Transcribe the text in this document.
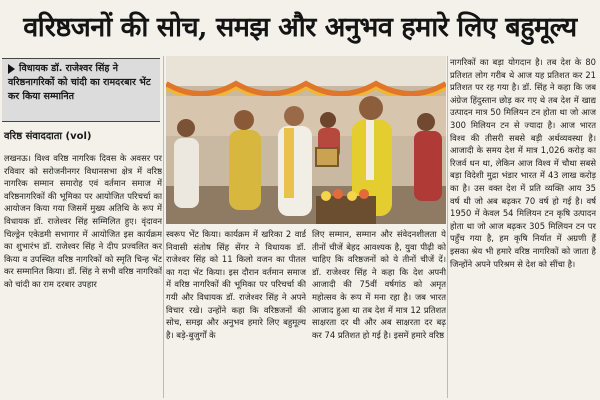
वरिष्ठजनों की सोच, समझ और अनुभव हमारे लिए बहुमूल्य
विधायक डॉ. राजेश्वर सिंह ने वरिष्ठनागरिकों को चांदी का रामदरबार भेंट कर किया सम्मानित
वरिष्ठ संवाददाता (vol)
लखनऊ। विश्व वरिष्ठ नागरिक दिवस के अवसर पर रविवार को सरोजनीनगर विधानसभा क्षेत्र में वरिष्ठ नागरिक सम्मान समारोह एवं वर्तमान समाज में वरिष्ठनागरिकों की भूमिका पर आयोजित परिचर्चा का आयोजन किया गया जिसमें मुख्य अतिथि के रूप में विधायक डॉ. राजेश्वर सिंह सम्मिलित हुए। वृंदावन चिल्ड्रेन एकेडमी सभागार में आयोजित इस कार्यक्रम का शुभारंभ डॉ. राजेश्वर सिंह ने दीप प्रज्वलित कर किया व उपस्थित वरिष्ठ नागरिकों को स्मृति चिन्ह भेंट कर सम्मानित किया। डॉ. सिंह ने सभी वरिष्ठ नागरिकों को चांदी का राम दरबार उपहार
स्वरूप भेंट किया। कार्यक्रम में खरिका 2 वार्ड निवासी संतोष सिंह सेंगर ने विधायक डॉ. राजेश्वर सिंह को 11 किलो वजन का पीतल का गदा भेंट किया। इस दौरान वर्तमान समाज में वरिष्ठ नागरिकों की भूमिका पर परिचर्चा की गयी और विधायक डॉ. राजेश्वर सिंह ने अपने विचार रखे। उन्होंने कहा कि वरिष्ठजनों की सोच, समझ और अनुभव हमारे लिए बहुमूल्य है। बड़े-बुजुर्गों के
लिए सम्मान, सम्मान और संवेदनशीलता ये तीनों चीजें बेहद आवश्यक है, युवा पीढ़ी को चाहिए कि वरिष्ठजनों को ये तीनों चीजें दें। डॉ. राजेश्वर सिंह ने कहा कि देश अपनी आजादी की 75वीं वर्षगांठ को अमृत महोत्सव के रूप में मना रहा है। जब भारत आजाद हुआ था तब देश में मात्र 12 प्रतिशत साक्षरता दर थी और अब साक्षरता दर बढ़ कर 74 प्रतिशत हो गई है। इसमें हमारे वरिष्ठ
नागरिकों का बड़ा योगदान है। तब देश के 80 प्रतिशत लोग गरीब थे आज यह प्रतिशत कर 21 प्रतिशत पर रह गया है। डॉ. सिंह ने कहा कि जब अंग्रेज हिंदुस्तान छोड़ कर गए थे तब देश में खाद्य उत्पादन मात्र 50 मिलियन टन होता था जो आज 300 मिलियन टन से ज्यादा है। आज भारत विश्व की तीसरी सबसे बड़ी अर्थव्यवस्था है। आजादी के समय देश में मात्र 1,026 करोड़ का रिजर्व धन था, लेकिन आज विश्व में चौथा सबसे बड़ा विदेशी मुद्रा भंडार भारत में 43 लाख करोड़ का है। उस वक्त देश में प्रति व्यक्ति आय 35 वर्ष थी जो अब बढ़कर 70 वर्ष हो गई है। वर्ष 1950 में केवल 54 मिलियन टन कृषि उत्पादन होता था जो आज बढ़कर 305 मिलियन टन पर पहुँच गया है, हम कृषि निर्यात में अग्रणी हैं इसका श्रेय भी हमारे वरिष्ठ नागरिकों को जाता है जिन्होंने अपने परिश्रम से देश को सींचा है।
